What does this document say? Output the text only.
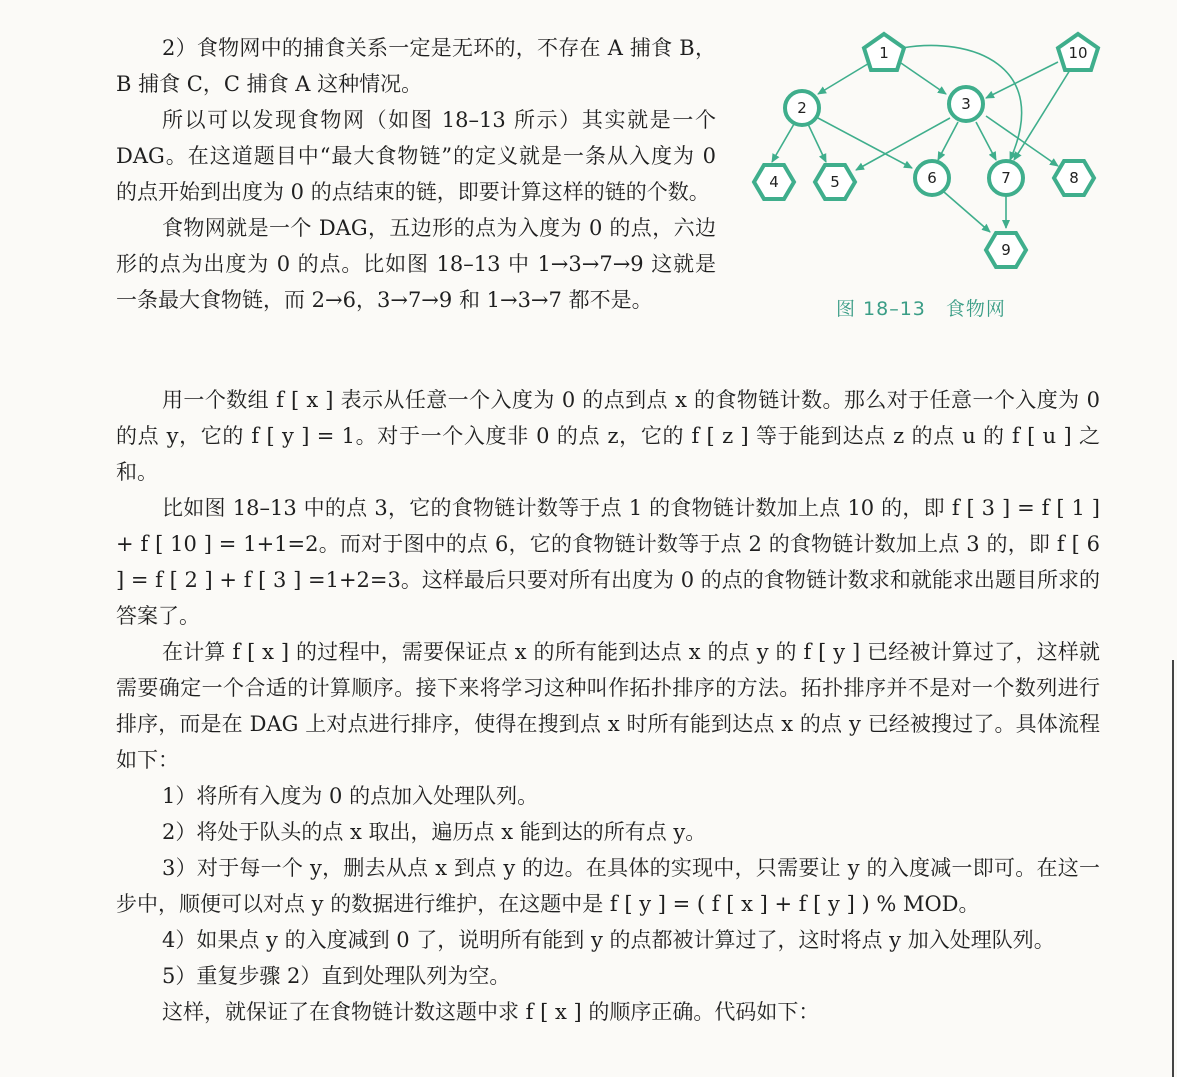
2）食物网中的捕食关系一定是无环的，不存在 A 捕食 B，B 捕食 C，C 捕食 A 这种情况。

所以可以发现食物网（如图 18–13 所示）其实就是一个 DAG。在这道题目中“最大食物链”的定义就是一条从入度为 0 的点开始到出度为 0 的点结束的链，即要计算这样的链的个数。

食物网就是一个 DAG，五边形的点为入度为 0 的点，六边形的点为出度为 0 的点。比如图 18–13 中 1→3→7→9 这就是一条最大食物链，而 2→6，3→7→9 和 1→3→7 都不是。

1	10
2	3
6	7
4	5	8
9
图 18–13　食物网

用一个数组 f [ x ] 表示从任意一个入度为 0 的点到点 x 的食物链计数。那么对于任意一个入度为 0 的点 y，它的 f [ y ] = 1。对于一个入度非 0 的点 z，它的 f [ z ] 等于能到达点 z 的点 u 的 f [ u ] 之和。

比如图 18–13 中的点 3，它的食物链计数等于点 1 的食物链计数加上点 10 的，即 f [ 3 ] = f [ 1 ] + f [ 10 ] = 1+1=2。而对于图中的点 6，它的食物链计数等于点 2 的食物链计数加上点 3 的，即 f [ 6 ] = f [ 2 ] + f [ 3 ] =1+2=3。这样最后只要对所有出度为 0 的点的食物链计数求和就能求出题目所求的答案了。

在计算 f [ x ] 的过程中，需要保证点 x 的所有能到达点 x 的点 y 的 f [ y ] 已经被计算过了，这样就需要确定一个合适的计算顺序。接下来将学习这种叫作拓扑排序的方法。拓扑排序并不是对一个数列进行排序，而是在 DAG 上对点进行排序，使得在搜到点 x 时所有能到达点 x 的点 y 已经被搜过了。具体流程如下：

1）将所有入度为 0 的点加入处理队列。

2）将处于队头的点 x 取出，遍历点 x 能到达的所有点 y。

3）对于每一个 y，删去从点 x 到点 y 的边。在具体的实现中，只需要让 y 的入度减一即可。在这一步中，顺便可以对点 y 的数据进行维护，在这题中是 f [ y ] = ( f [ x ] + f [ y ] ) % MOD。

4）如果点 y 的入度减到 0 了，说明所有能到 y 的点都被计算过了，这时将点 y 加入处理队列。

5）重复步骤 2）直到处理队列为空。

这样，就保证了在食物链计数这题中求 f [ x ] 的顺序正确。代码如下：
